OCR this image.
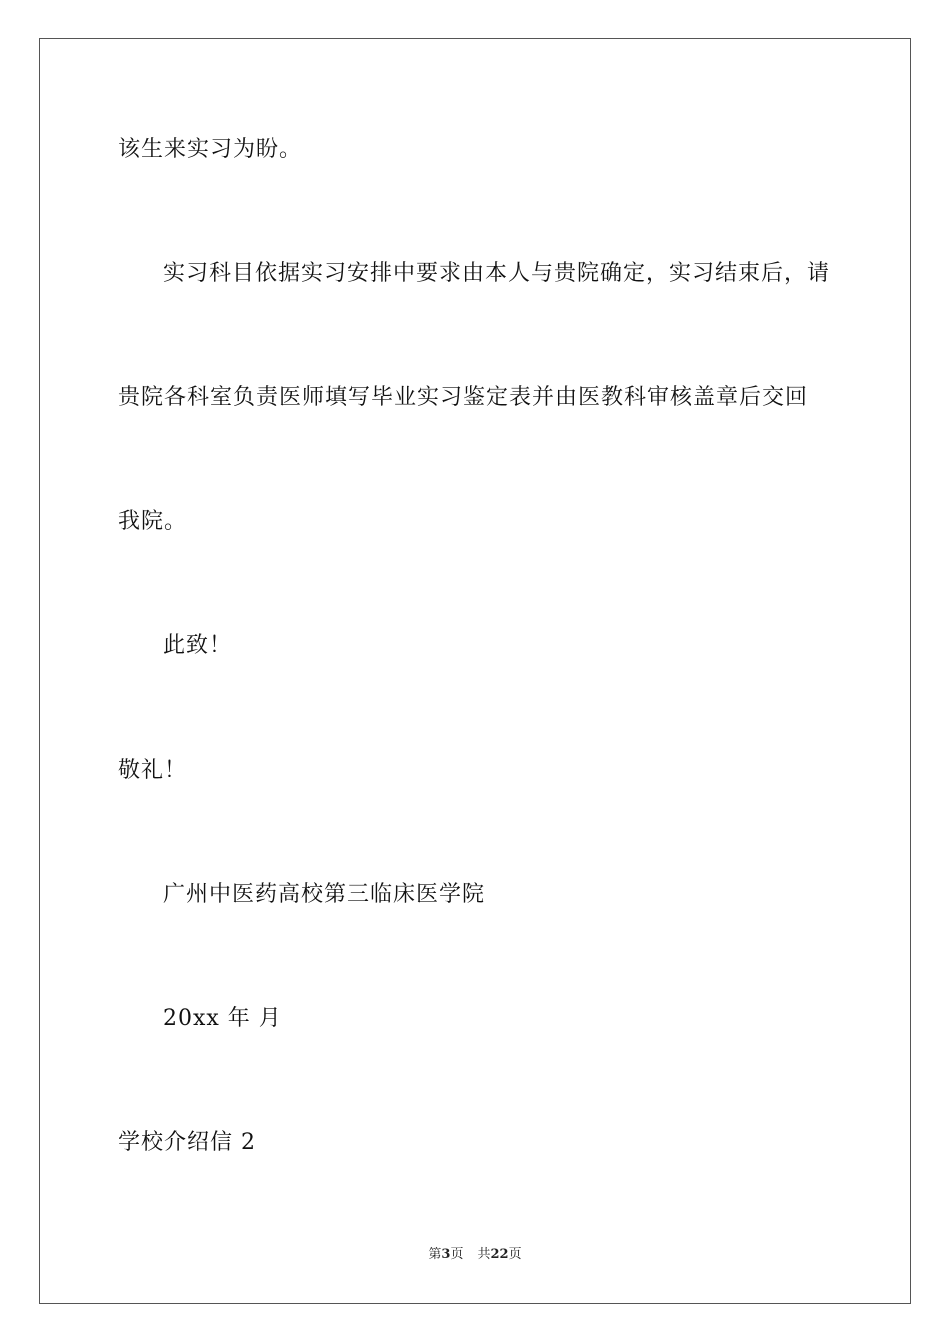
该生来实习为盼。
实习科目依据实习安排中要求由本人与贵院确定，实习结束后，请
贵院各科室负责医师填写毕业实习鉴定表并由医教科审核盖章后交回
我院。
此致！
敬礼！
广州中医药高校第三临床医学院
20xx 年 月
学校介绍信 2
第3页 共22页
